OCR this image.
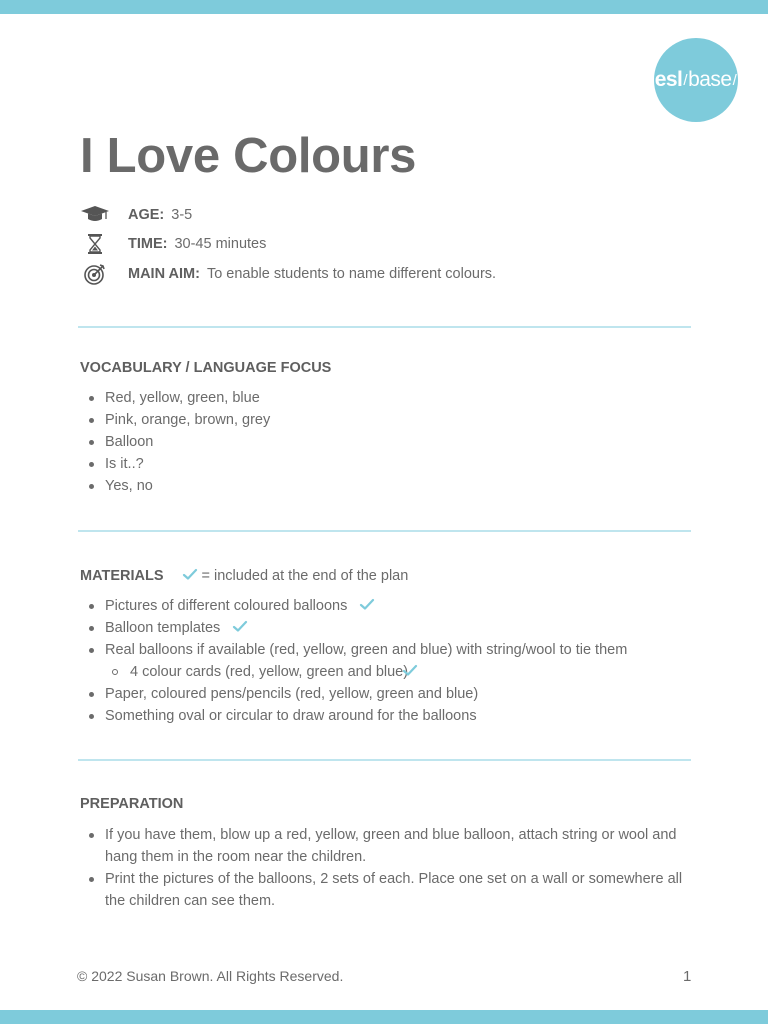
esl / base /
I Love Colours
AGE: 3-5
TIME: 30-45 minutes
MAIN AIM: To enable students to name different colours.
VOCABULARY / LANGUAGE FOCUS
Red, yellow, green, blue
Pink, orange, brown, grey
Balloon
Is it..?
Yes, no
MATERIALS	= included at the end of the plan
Pictures of different coloured balloons
Balloon templates
Real balloons if available (red, yellow, green and blue) with string/wool to tie them
4 colour cards (red, yellow, green and blue)
Paper, coloured pens/pencils (red, yellow, green and blue)
Something oval or circular to draw around for the balloons
PREPARATION
If you have them, blow up a red, yellow, green and blue balloon, attach string or wool and hang them in the room near the children.
Print the pictures of the balloons, 2 sets of each. Place one set on a wall or somewhere all the children can see them.
© 2022 Susan Brown. All Rights Reserved.	1
